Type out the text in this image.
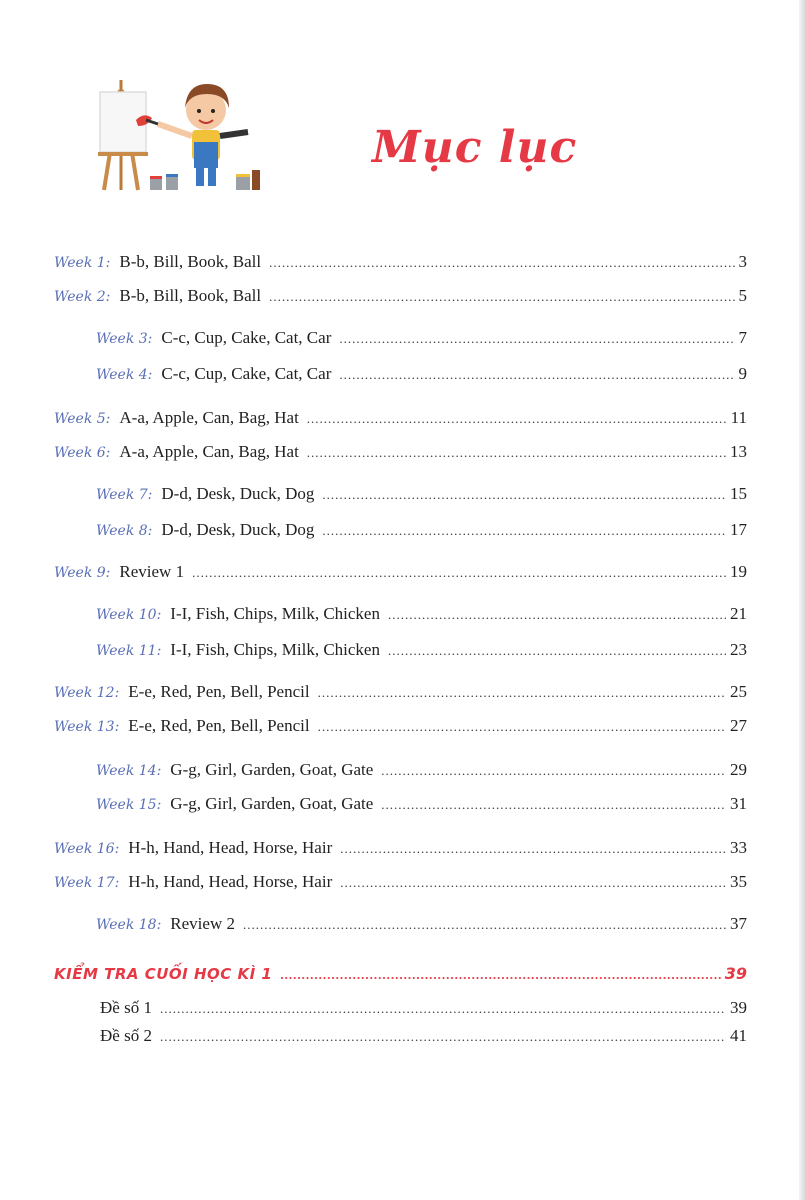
Mục lục
Week 1: B-b, Bill, Book, Ball .....	3
Week 2: B-b, Bill, Book, Ball .....	5
Week 3: C-c, Cup, Cake, Cat, Car .....	7
Week 4: C-c, Cup, Cake, Cat, Car .....	9
Week 5: A-a, Apple, Can, Bag, Hat .....	11
Week 6: A-a, Apple, Can, Bag, Hat .....	13
Week 7: D-d, Desk, Duck, Dog .....	15
Week 8: D-d, Desk, Duck, Dog .....	17
Week 9: Review 1 .....	19
Week 10: I-I, Fish, Chips, Milk, Chicken .....	21
Week 11: I-I, Fish, Chips, Milk, Chicken .....	23
Week 12: E-e, Red, Pen, Bell, Pencil .....	25
Week 13: E-e, Red, Pen, Bell, Pencil .....	27
Week 14: G-g, Girl, Garden, Goat, Gate .....	29
Week 15: G-g, Girl, Garden, Goat, Gate .....	31
Week 16: H-h, Hand, Head, Horse, Hair .....	33
Week 17: H-h, Hand, Head, Horse, Hair .....	35
Week 18: Review 2 .....	37
KIỂM TRA CUỐI HỌC KÌ 1 .....	39
Đề số 1 .....	39
Đề số 2 .....	41
